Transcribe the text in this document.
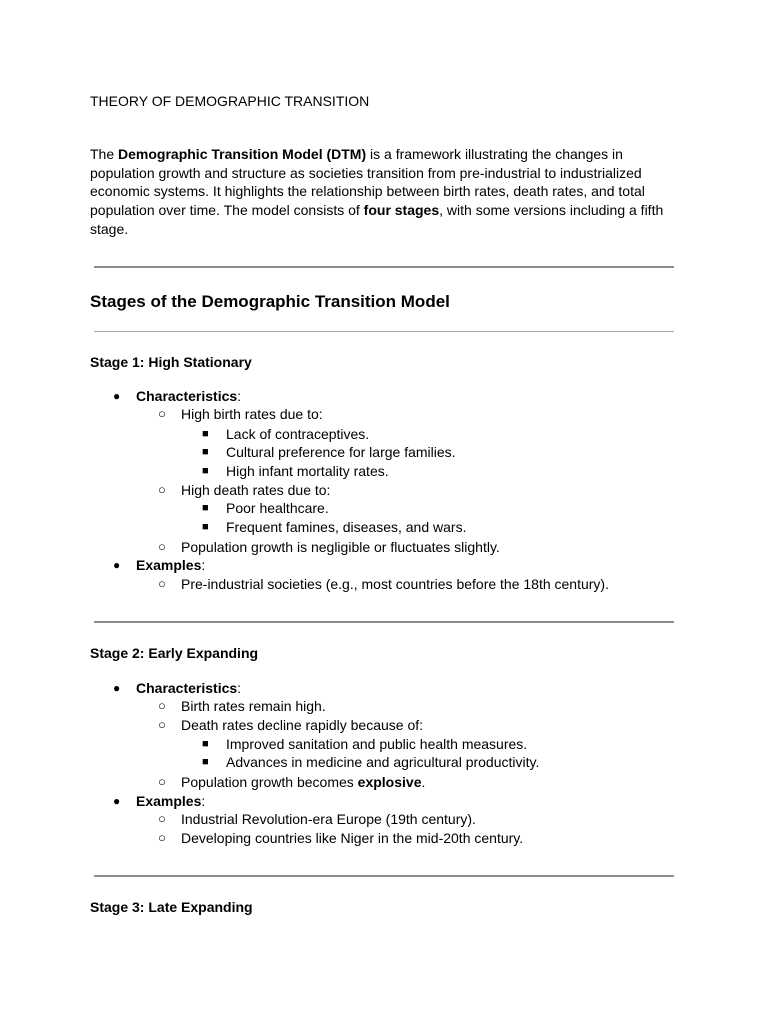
THEORY OF DEMOGRAPHIC TRANSITION
The Demographic Transition Model (DTM) is a framework illustrating the changes in population growth and structure as societies transition from pre-industrial to industrialized economic systems. It highlights the relationship between birth rates, death rates, and total population over time. The model consists of four stages, with some versions including a fifth stage.
Stages of the Demographic Transition Model
Stage 1: High Stationary
● Characteristics:
○ High birth rates due to:
■ Lack of contraceptives.
■ Cultural preference for large families.
■ High infant mortality rates.
○ High death rates due to:
■ Poor healthcare.
■ Frequent famines, diseases, and wars.
○ Population growth is negligible or fluctuates slightly.
● Examples:
○ Pre-industrial societies (e.g., most countries before the 18th century).
Stage 2: Early Expanding
● Characteristics:
○ Birth rates remain high.
○ Death rates decline rapidly because of:
■ Improved sanitation and public health measures.
■ Advances in medicine and agricultural productivity.
○ Population growth becomes explosive.
● Examples:
○ Industrial Revolution-era Europe (19th century).
○ Developing countries like Niger in the mid-20th century.
Stage 3: Late Expanding
